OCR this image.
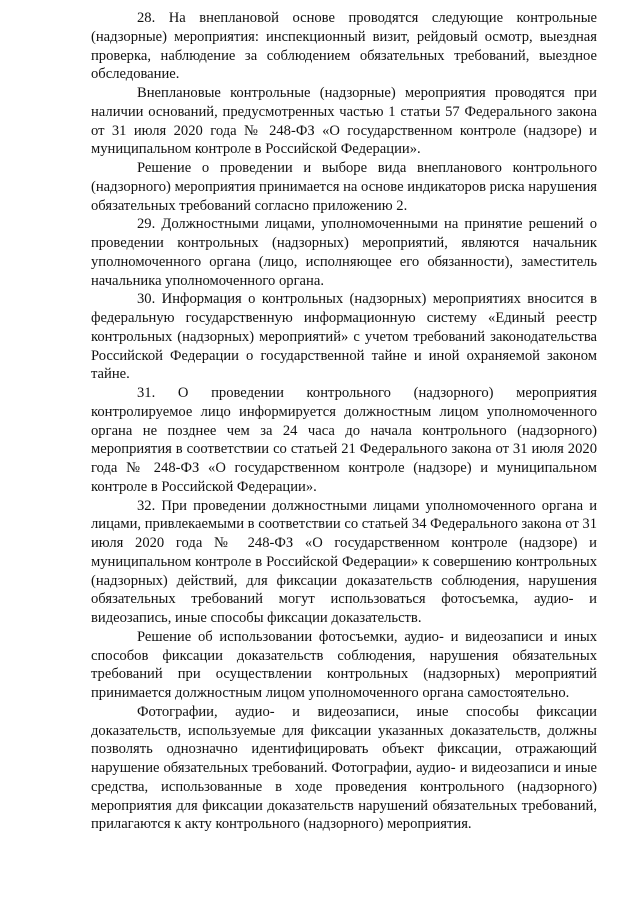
28. На внеплановой основе проводятся следующие контрольные (надзорные) мероприятия: инспекционный визит, рейдовый осмотр, выездная проверка, наблюдение за соблюдением обязательных требований, выездное обследование.

Внеплановые контрольные (надзорные) мероприятия проводятся при наличии оснований, предусмотренных частью 1 статьи 57 Федерального закона от 31 июля 2020 года № 248-ФЗ «О государственном контроле (надзоре) и муниципальном контроле в Российской Федерации».

Решение о проведении и выборе вида внепланового контрольного (надзорного) мероприятия принимается на основе индикаторов риска нарушения обязательных требований согласно приложению 2.

29. Должностными лицами, уполномоченными на принятие решений о проведении контрольных (надзорных) мероприятий, являются начальник уполномоченного органа (лицо, исполняющее его обязанности), заместитель начальника уполномоченного органа.

30. Информация о контрольных (надзорных) мероприятиях вносится в федеральную государственную информационную систему «Единый реестр контрольных (надзорных) мероприятий» с учетом требований законодательства Российской Федерации о государственной тайне и иной охраняемой законом тайне.

31. О проведении контрольного (надзорного) мероприятия контролируемое лицо информируется должностным лицом уполномоченного органа не позднее чем за 24 часа до начала контрольного (надзорного) мероприятия в соответствии со статьей 21 Федерального закона от 31 июля 2020 года № 248-ФЗ «О государственном контроле (надзоре) и муниципальном контроле в Российской Федерации».

32. При проведении должностными лицами уполномоченного органа и лицами, привлекаемыми в соответствии со статьей 34 Федерального закона от 31 июля 2020 года № 248-ФЗ «О государственном контроле (надзоре) и муниципальном контроле в Российской Федерации» к совершению контрольных (надзорных) действий, для фиксации доказательств соблюдения, нарушения обязательных требований могут использоваться фотосъемка, аудио- и видеозапись, иные способы фиксации доказательств.

Решение об использовании фотосъемки, аудио- и видеозаписи и иных способов фиксации доказательств соблюдения, нарушения обязательных требований при осуществлении контрольных (надзорных) мероприятий принимается должностным лицом уполномоченного органа самостоятельно.

Фотографии, аудио- и видеозаписи, иные способы фиксации доказательств, используемые для фиксации указанных доказательств, должны позволять однозначно идентифицировать объект фиксации, отражающий нарушение обязательных требований. Фотографии, аудио- и видеозаписи и иные средства, использованные в ходе проведения контрольного (надзорного) мероприятия для фиксации доказательств нарушений обязательных требований, прилагаются к акту контрольного (надзорного) мероприятия.
